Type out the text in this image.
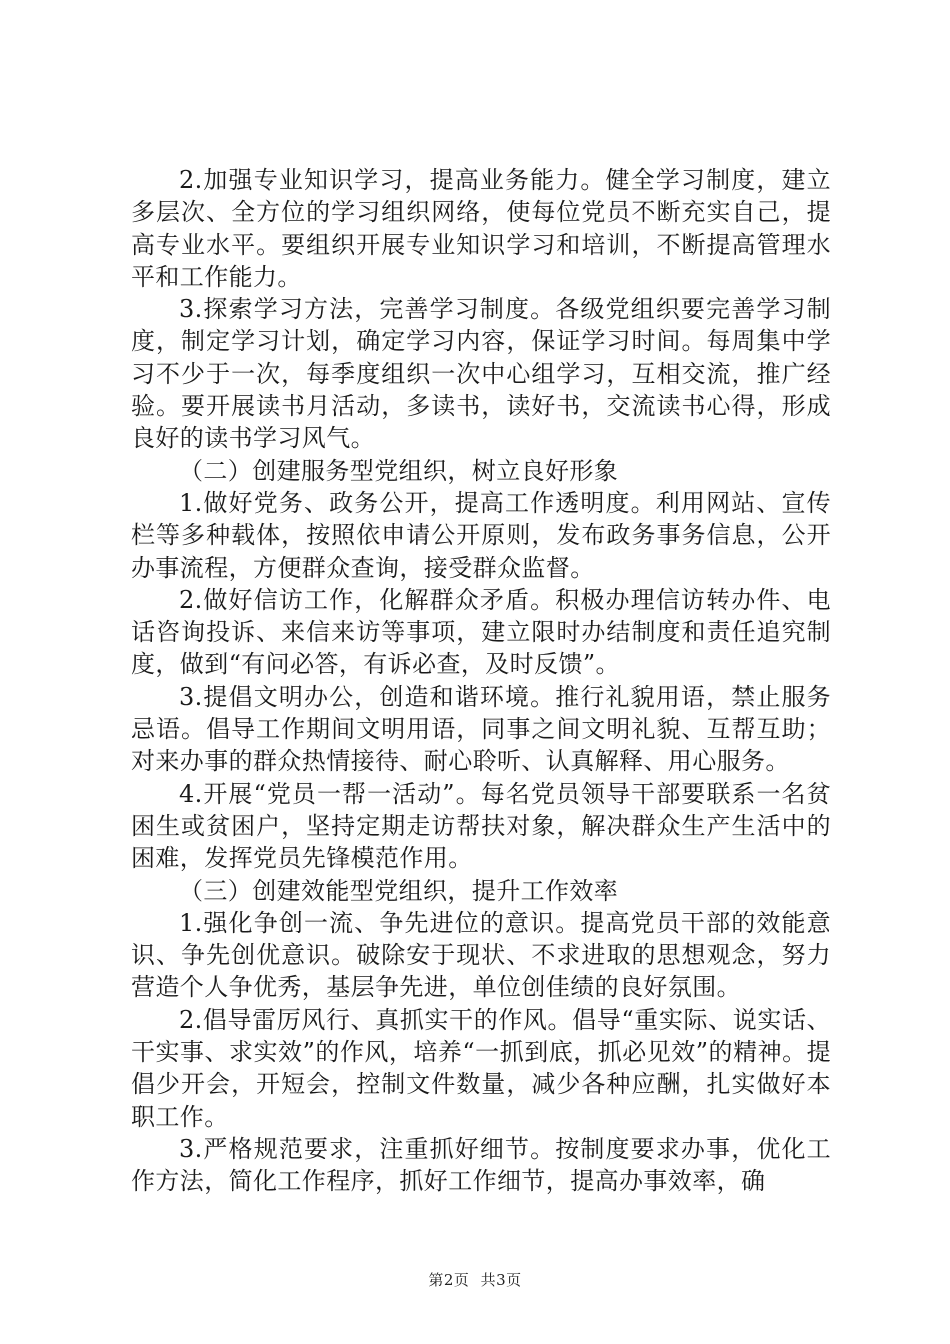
2.加强专业知识学习，提高业务能力。健全学习制度，建立多层次、全方位的学习组织网络，使每位党员不断充实自己，提高专业水平。要组织开展专业知识学习和培训，不断提高管理水平和工作能力。

3.探索学习方法，完善学习制度。各级党组织要完善学习制度，制定学习计划，确定学习内容，保证学习时间。每周集中学习不少于一次，每季度组织一次中心组学习，互相交流，推广经验。要开展读书月活动，多读书，读好书，交流读书心得，形成良好的读书学习风气。

（二）创建服务型党组织，树立良好形象

1.做好党务、政务公开，提高工作透明度。利用网站、宣传栏等多种载体，按照依申请公开原则，发布政务事务信息，公开办事流程，方便群众查询，接受群众监督。

2.做好信访工作，化解群众矛盾。积极办理信访转办件、电话咨询投诉、来信来访等事项，建立限时办结制度和责任追究制度，做到“有问必答，有诉必查，及时反馈”。

3.提倡文明办公，创造和谐环境。推行礼貌用语，禁止服务忌语。倡导工作期间文明用语，同事之间文明礼貌、互帮互助；对来办事的群众热情接待、耐心聆听、认真解释、用心服务。

4.开展“党员一帮一活动”。每名党员领导干部要联系一名贫困生或贫困户，坚持定期走访帮扶对象，解决群众生产生活中的困难，发挥党员先锋模范作用。

（三）创建效能型党组织，提升工作效率

1.强化争创一流、争先进位的意识。提高党员干部的效能意识、争先创优意识。破除安于现状、不求进取的思想观念，努力营造个人争优秀，基层争先进，单位创佳绩的良好氛围。

2.倡导雷厉风行、真抓实干的作风。倡导“重实际、说实话、干实事、求实效”的作风，培养“一抓到底，抓必见效”的精神。提倡少开会，开短会，控制文件数量，减少各种应酬，扎实做好本职工作。

3.严格规范要求，注重抓好细节。按制度要求办事，优化工作方法，简化工作程序，抓好工作细节，提高办事效率，确

第2页 共3页
